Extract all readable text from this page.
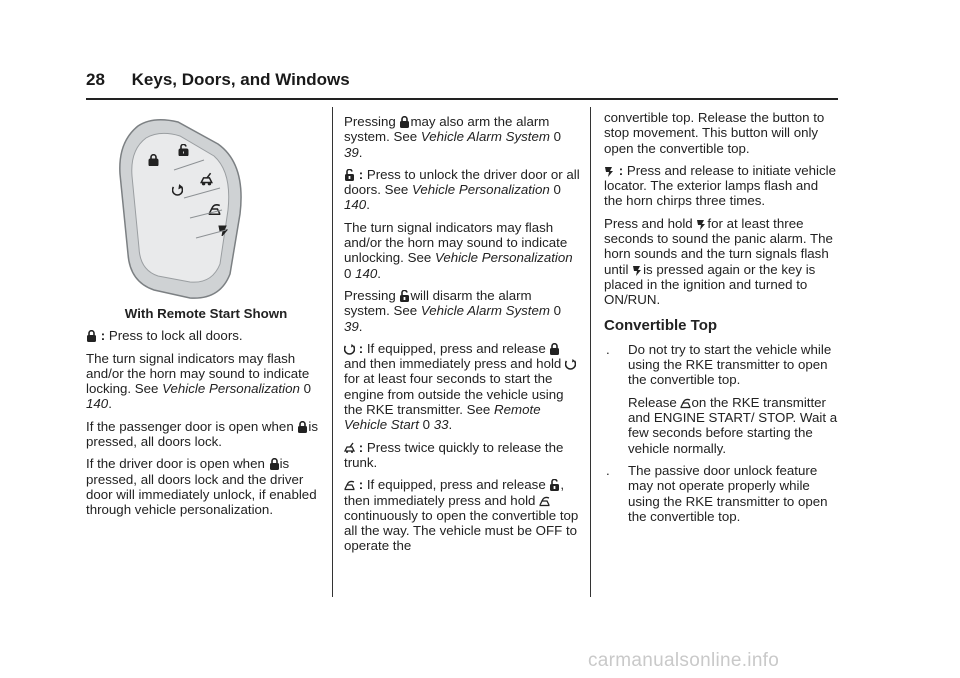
28 Keys, Doors, and Windows

With Remote Start Shown

: Press to lock all doors.

The turn signal indicators may flash and/or the horn may sound to indicate locking. See Vehicle Personalization 0 140.

If the passenger door is open when
is pressed, all doors lock.

If the driver door is open when
is pressed, all doors lock and the driver door will immediately unlock, if enabled through vehicle personalization.

Pressing
may also arm the alarm system. See Vehicle Alarm System 0 39.

: Press to unlock the driver door or all doors. See Vehicle Personalization 0 140.

The turn signal indicators may flash and/or the horn may sound to indicate unlocking. See Vehicle Personalization 0 140.

Pressing
will disarm the alarm system. See Vehicle Alarm System 0 39.

: If equipped, press and release
and then immediately press and hold
for at least four seconds to start the engine from outside the vehicle using the RKE transmitter. See Remote Vehicle Start 0 33.

: Press twice quickly to release the trunk.

: If equipped, press and release
, then immediately press and hold
continuously to open the convertible top all the way. The vehicle must be OFF to operate the

convertible top. Release the button to stop movement. This button will only open the convertible top.

: Press and release to initiate vehicle locator. The exterior lamps flash and the horn chirps three times.

Press and hold
for at least three seconds to sound the panic alarm. The horn sounds and the turn signals flash until
is pressed again or the key is placed in the ignition and turned to ON/RUN.

Convertible Top
. Do not try to start the vehicle while using the RKE transmitter to open the convertible top.
Release
on the RKE transmitter and ENGINE START/ STOP. Wait a few seconds before starting the vehicle normally.
. The passive door unlock feature may not operate properly while using the RKE transmitter to open the convertible top.
carmanualsonline.info
